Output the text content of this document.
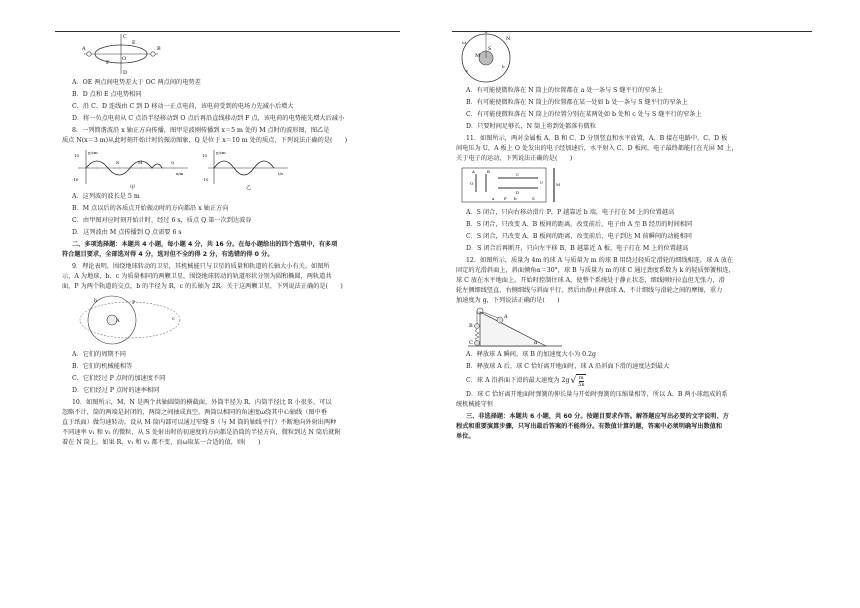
A	B
C
D
E
F
O

A．OE 两点间电势差大于 OC 两点间的电势差

B．D 点和 E 点电势相同

C．沿 C、D 连线由 C 到 D 移动一正点电荷，该电荷受到的电场力先减小后增大

D．将一负点电荷从 C 点沿半径移动到 O 点后再沿直线移动到 F 点，该电荷的电势能先增大后减小

8．一列简谐波沿 x 轴正方向传播，图甲是波刚传播到 x＝5 m 处的 M 点时的波形图，图乙是

质点 N(x＝3 m)从此时刻开始计时的振动图象，Q 是位于 x＝10 m 处的质点，下列说法正确的是(　　)

y/cm
x/m
N	M	Q
10
-10
甲
y/cm
t/s
10
-10
乙

A．这列波的波长是 5 m

B．M 点以后的各质点开始振动时的方向都沿 x 轴正方向

C．由甲图对应时刻开始计时，经过 6 s，质点 Q 第一次到达波谷

D．这列波由 M 点传播到 Q 点需要 6 s

二、多项选择题：本题共 4 小题，每小题 4 分，共 16 分。在每小题给出的四个选项中，有多项

符合题目要求，全部选对得 4 分，选对但不全的得 2 分，有选错的得 0 分。

9．理论表明，围绕地球转动的卫星，其机械能只与卫星的质量和轨道的长轴大小有关。如图所

示，A 为地球，b、c 为质量相同的两颗卫星，围绕地球转动的轨道形状分别为圆和椭圆，两轨道共

面，P 为两个轨道的交点，b 的半径为 R，c 的长轴为 2R。关于这两颗卫星，下列说法正确的是(　　)

b
A
P
c

A．它们的周期不同

B．它们的机械能相等

C．它们经过 P 点时的加速度不同

D．它们经过 P 点时的速率相同

10．如图所示，M、N 是两个共轴圆筒的横截面，外筒半径为 R，内筒半径比 R 小很多，可以

忽略不计，筒的两端是封闭的，两筒之间抽成真空。两筒以相同的角速度ω绕其中心轴线（图中垂

直于纸面）做匀速转动。设从 M 筒内部可以通过窄缝 S（与 M 筒的轴线平行）不断地向外射出两种

不同速率 v₁ 和 v₂ 的微粒，从 S 处射出时的初速度的方向都是沿筒的半径方向，微粒到达 N 筒后就附

着在 N 筒上。如果 R、v₁ 和 v₂ 都不变，而ω取某一合适的值，则(　　)

N
M
S
a
b
c
ω

A．有可能使微粒落在 N 筒上的位置都在 a 处一条与 S 缝平行的窄条上

B．有可能使微粒落在 N 筒上的位置都在某一处如 b 处一条与 S 缝平行的窄条上

C．有可能使微粒落在 N 筒上的位置分别在某两处如 b 处和 c 处与 S 缝平行的窄条上

D．只要时间足够长，N 筒上将到处都落有微粒

11．如图所示，两对金属板 A、B 和 C、D 分别竖直和水平放置，A、B 接在电路中，C、D 板

间电压为 U，A 板上 O 处发出的电子经加速后，水平射入 C、D 板间，电子最终都能打在光屏 M 上，

关于电子的运动，下列说法正确的是(　　)

A	B
C
D
O
P
a	b	S
M
U

A．S 闭合，只向右移动滑片 P，P 越靠近 b 端，电子打在 M 上的位置越高

B．S 闭合，只改变 A、B 板间的距离，改变前后，电子由 A 至 B 经历的时间相同

C．S 闭合，只改变 A、B 板间的距离，改变前后，电子到达 M 前瞬间的动能相同

D．S 闭合后再断开，只向左平移 B，B 越靠近 A 板，电子打在 M 上的位置越高

12．如图所示，质量为 4m 的球 A 与质量为 m 的球 B 用绕过轻质定滑轮的细线相连，球 A 放在

固定的光滑斜面上，斜面倾角α＝30°，球 B 与质量为 m 的球 C 通过劲度系数为 k 的轻质弹簧相连，

球 C 放在水平地面上。开始时控制住球 A，使整个系统处于静止状态，细线刚好拉直但无张力，滑

轮左侧细线竖直、右侧细线与斜面平行，然后由静止释放球 A，不计细线与滑轮之间的摩擦，重力

加速度为 g，下列说法正确的是(　　)

A
B
C	α

A．释放球 A 瞬间，球 B 的加速度大小为 0.2g

B．释放球 A 后，球 C 恰好离开地面时，球 A 沿斜面下滑的速度达到最大

C．球 A 沿斜面下滑的最大速度为 2g √ $\frac{m}{5k}$

D．球 C 恰好离开地面时弹簧的伸长量与开始时弹簧的压缩量相等，所以 A、B 两小球组成的系

统机械能守恒

三、非选择题：本题共 6 小题，共 60 分。按题目要求作答。解答题应写出必要的文字说明、方

程式和重要演算步骤，只写出最后答案的不能得分。有数值计算的题，答案中必须明确写出数值和

单位。
